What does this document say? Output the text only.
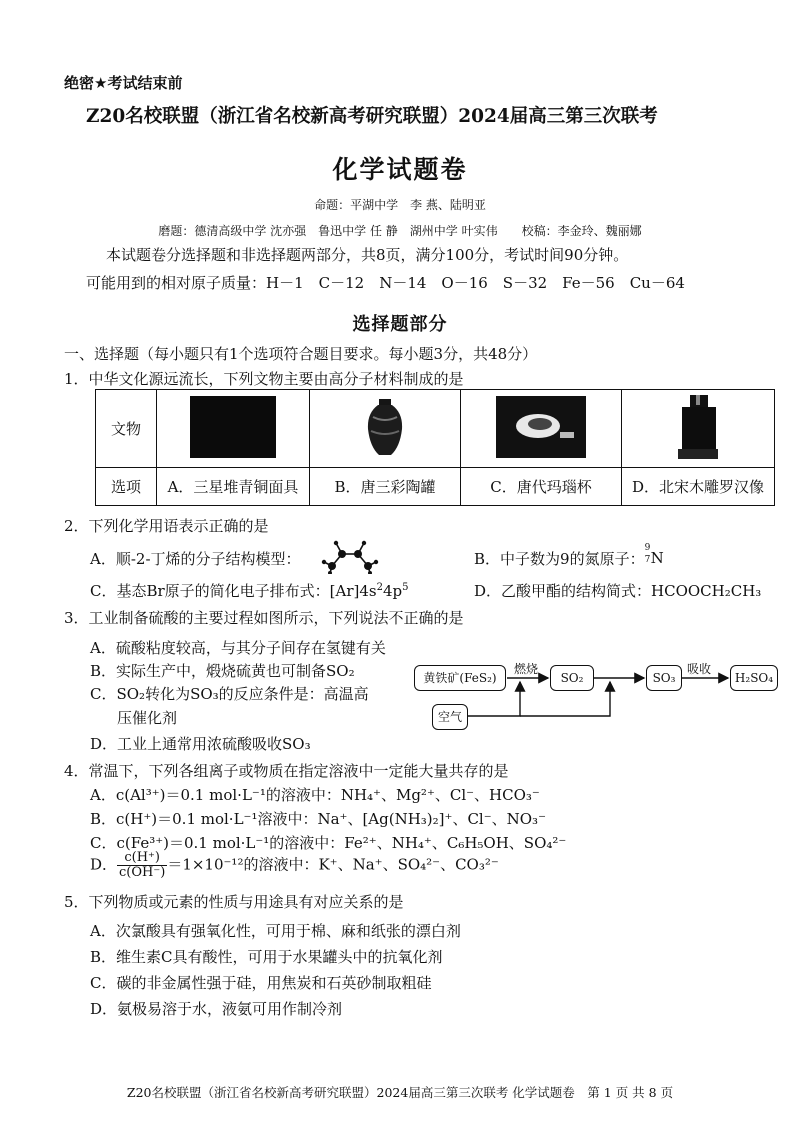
绝密★考试结束前
Z20名校联盟（浙江省名校新高考研究联盟）2024届高三第三次联考
化学试题卷
命题：平湖中学　李 燕、陆明亚
磨题：德清高级中学 沈亦强　鲁迅中学 任 静　湖州中学 叶实伟　　校稿：李金玲、魏丽娜
本试题卷分选择题和非选择题两部分，共8页，满分100分，考试时间90分钟。
可能用到的相对原子质量：H－1　C－12　N－14　O－16　S－32　Fe－56　Cu－64
选择题部分
一、选择题（每小题只有1个选项符合题目要求。每小题3分，共48分）
1．中华文化源远流长，下列文物主要由高分子材料制成的是
文物				
选项	A．三星堆青铜面具	B．唐三彩陶罐	C．唐代玛瑙杯	D．北宋木雕罗汉像
2．下列化学用语表示正确的是
A．顺-2-丁烯的分子结构模型：	B．中子数为9的氮原子：
9
7 N
C．基态Br原子的简化电子排布式：$[Ar]4s^24p^5$	D．乙酸甲酯的结构简式：HCOOCH₂CH₃
3．工业制备硫酸的主要过程如图所示，下列说法不正确的是
A．硫酸粘度较高，与其分子间存在氢键有关
B．实际生产中，煅烧硫黄也可制备SO₂
C．SO₂转化为SO₃的反应条件是：高温高
压催化剂
D．工业上通常用浓硫酸吸收SO₃
黄铁矿(FeS₂)
燃烧
SO₂	SO₃
吸收
H₂SO₄
空气
4．常温下，下列各组离子或物质在指定溶液中一定能大量共存的是
A．c(Al³⁺)＝0.1 mol·L⁻¹的溶液中：NH₄⁺、Mg²⁺、Cl⁻、HCO₃⁻
B．c(H⁺)＝0.1 mol·L⁻¹溶液中：Na⁺、[Ag(NH₃)₂]⁺、Cl⁻、NO₃⁻
C．c(Fe³⁺)＝0.1 mol·L⁻¹的溶液中：Fe²⁺、NH₄⁺、C₆H₅OH、SO₄²⁻
D． $\frac{c(H^+)}{c(OH^-)} =1\times 10^{-12}$的溶液中：K⁺、Na⁺、SO₄²⁻、CO₃²⁻
5．下列物质或元素的性质与用途具有对应关系的是
A．次氯酸具有强氧化性，可用于棉、麻和纸张的漂白剂
B．维生素C具有酸性，可用于水果罐头中的抗氧化剂
C．碳的非金属性强于硅，用焦炭和石英砂制取粗硅
D．氨极易溶于水，液氨可用作制冷剂
Z20名校联盟（浙江省名校新高考研究联盟）2024届高三第三次联考 化学试题卷　第 1 页 共 8 页
